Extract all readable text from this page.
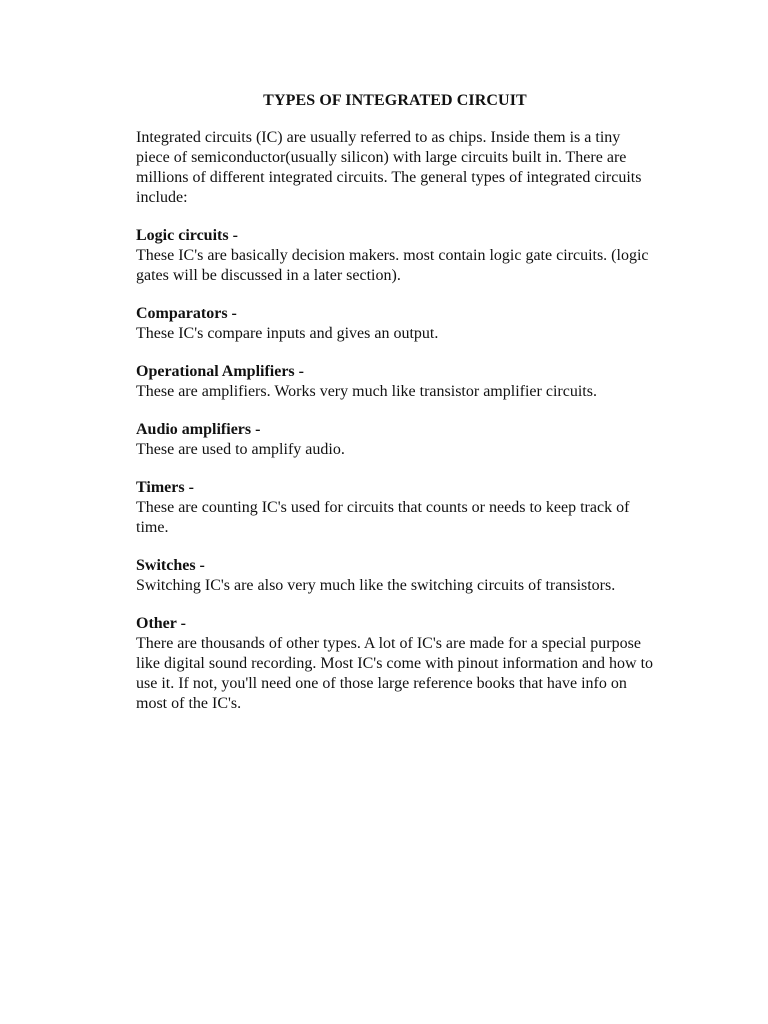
TYPES OF INTEGRATED CIRCUIT

Integrated circuits (IC) are usually referred to as chips. Inside them is a tiny piece of semiconductor(usually silicon) with large circuits built in. There are millions of different integrated circuits. The general types of integrated circuits include:

Logic circuits -
These IC's are basically decision makers. most contain logic gate circuits. (logic gates will be discussed in a later section).
Comparators -
These IC's compare inputs and gives an output.
Operational Amplifiers -
These are amplifiers. Works very much like transistor amplifier circuits.
Audio amplifiers -
These are used to amplify audio.
Timers -
These are counting IC's used for circuits that counts or needs to keep track of time.
Switches -
Switching IC's are also very much like the switching circuits of transistors.
Other -
There are thousands of other types. A lot of IC's are made for a special purpose like digital sound recording. Most IC's come with pinout information and how to use it. If not, you'll need one of those large reference books that have info on most of the IC's.
